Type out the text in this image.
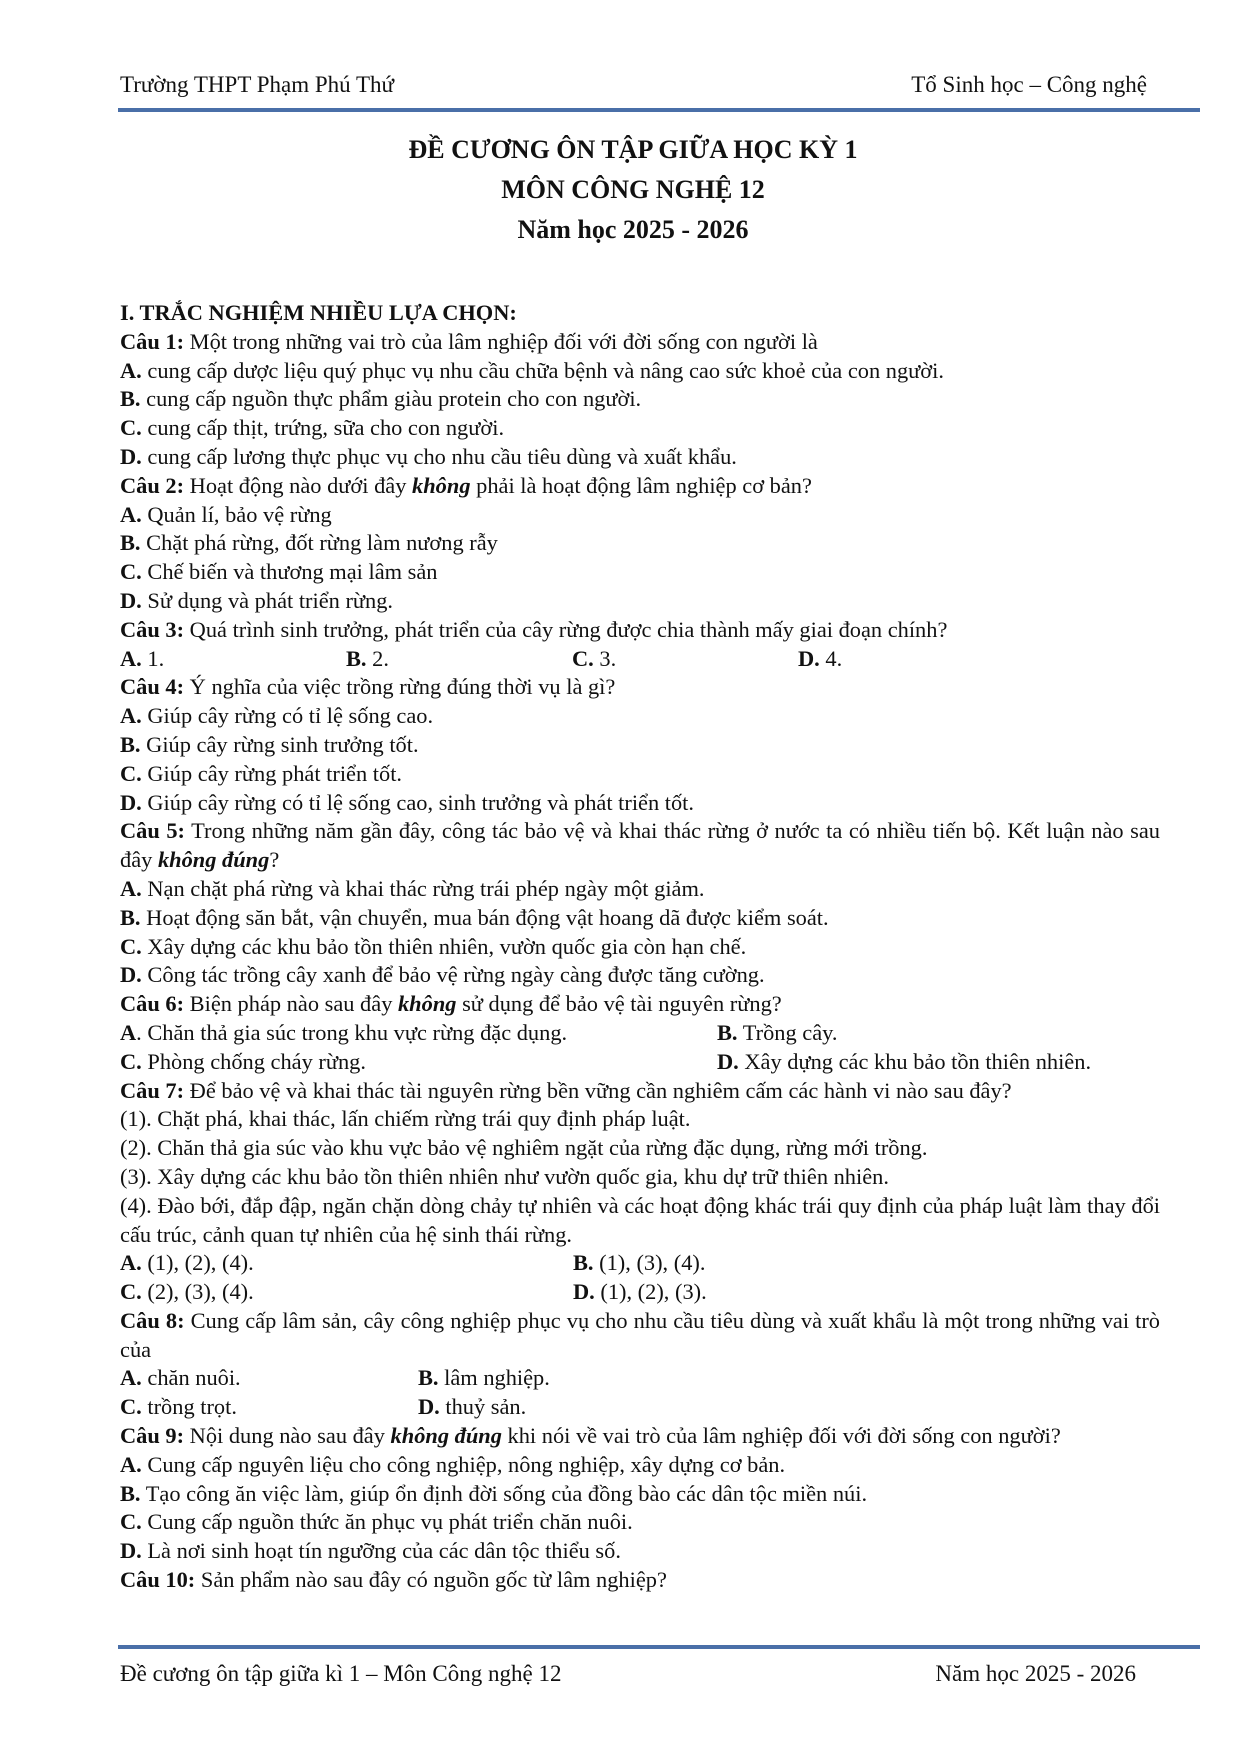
Trường THPT Phạm Phú Thứ	Tổ Sinh học – Công nghệ
ĐỀ CƯƠNG ÔN TẬP GIỮA HỌC KỲ 1
MÔN CÔNG NGHỆ 12
Năm học 2025 - 2026
I. TRẮC NGHIỆM NHIỀU LỰA CHỌN:
Câu 1: Một trong những vai trò của lâm nghiệp đối với đời sống con người là
A. cung cấp dược liệu quý phục vụ nhu cầu chữa bệnh và nâng cao sức khoẻ của con người.
B. cung cấp nguồn thực phẩm giàu protein cho con người.
C. cung cấp thịt, trứng, sữa cho con người.
D. cung cấp lương thực phục vụ cho nhu cầu tiêu dùng và xuất khẩu.
Câu 2: Hoạt động nào dưới đây không phải là hoạt động lâm nghiệp cơ bản?
A. Quản lí, bảo vệ rừng
B. Chặt phá rừng, đốt rừng làm nương rẫy
C. Chế biến và thương mại lâm sản
D. Sử dụng và phát triển rừng.
Câu 3: Quá trình sinh trưởng, phát triển của cây rừng được chia thành mấy giai đoạn chính?
A. 1.	B. 2.	C. 3.	D. 4.
Câu 4: Ý nghĩa của việc trồng rừng đúng thời vụ là gì?
A. Giúp cây rừng có tỉ lệ sống cao.
B. Giúp cây rừng sinh trưởng tốt.
C. Giúp cây rừng phát triển tốt.
D. Giúp cây rừng có tỉ lệ sống cao, sinh trưởng và phát triển tốt.
Câu 5: Trong những năm gần đây, công tác bảo vệ và khai thác rừng ở nước ta có nhiều tiến bộ. Kết luận nào sau đây không đúng?
A. Nạn chặt phá rừng và khai thác rừng trái phép ngày một giảm.
B. Hoạt động săn bắt, vận chuyển, mua bán động vật hoang dã được kiểm soát.
C. Xây dựng các khu bảo tồn thiên nhiên, vườn quốc gia còn hạn chế.
D. Công tác trồng cây xanh để bảo vệ rừng ngày càng được tăng cường.
Câu 6: Biện pháp nào sau đây không sử dụng để bảo vệ tài nguyên rừng?
A. Chăn thả gia súc trong khu vực rừng đặc dụng.	B. Trồng cây.
C. Phòng chống cháy rừng.	D. Xây dựng các khu bảo tồn thiên nhiên.
Câu 7: Để bảo vệ và khai thác tài nguyên rừng bền vững cần nghiêm cấm các hành vi nào sau đây?
(1). Chặt phá, khai thác, lấn chiếm rừng trái quy định pháp luật.
(2). Chăn thả gia súc vào khu vực bảo vệ nghiêm ngặt của rừng đặc dụng, rừng mới trồng.
(3). Xây dựng các khu bảo tồn thiên nhiên như vườn quốc gia, khu dự trữ thiên nhiên.
(4). Đào bới, đắp đập, ngăn chặn dòng chảy tự nhiên và các hoạt động khác trái quy định của pháp luật làm thay đổi cấu trúc, cảnh quan tự nhiên của hệ sinh thái rừng.
A. (1), (2), (4).	B. (1), (3), (4).
C. (2), (3), (4).	D. (1), (2), (3).
Câu 8: Cung cấp lâm sản, cây công nghiệp phục vụ cho nhu cầu tiêu dùng và xuất khẩu là một trong những vai trò của
A. chăn nuôi.	B. lâm nghiệp.
C. trồng trọt.	D. thuỷ sản.
Câu 9: Nội dung nào sau đây không đúng khi nói về vai trò của lâm nghiệp đối với đời sống con người?
A. Cung cấp nguyên liệu cho công nghiệp, nông nghiệp, xây dựng cơ bản.
B. Tạo công ăn việc làm, giúp ổn định đời sống của đồng bào các dân tộc miền núi.
C. Cung cấp nguồn thức ăn phục vụ phát triển chăn nuôi.
D. Là nơi sinh hoạt tín ngưỡng của các dân tộc thiểu số.
Câu 10: Sản phẩm nào sau đây có nguồn gốc từ lâm nghiệp?
Đề cương ôn tập giữa kì 1 – Môn Công nghệ 12	Năm học 2025 - 2026
